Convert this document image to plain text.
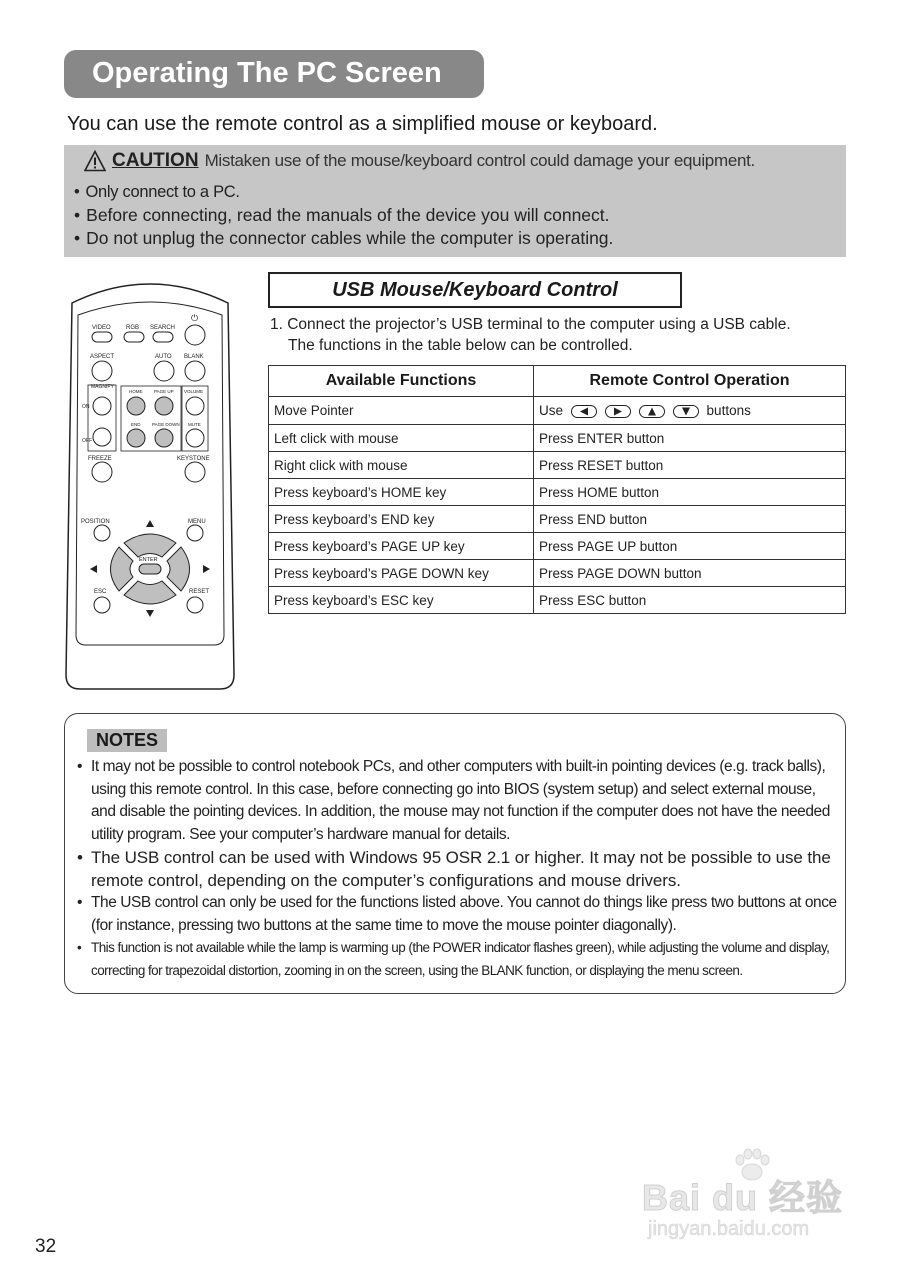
Operating The PC Screen

You can use the remote control as a simplified mouse or keyboard.

CAUTION Mistaken use of the mouse/keyboard control could damage your equipment.
• Only connect to a PC.
• Before connecting, read the manuals of the device you will connect.
• Do not unplug the connector cables while the computer is operating.
VIDEO	RGB SEARCH
⏻
ASPECT	AUTO BLANK
MAGNIFY
ON
OFF
HOME	PAGE UP
END	PAGE DOWN
VOLUME
MUTE
FREEZE	KEYSTONE
POSITION	MENU
ENTER
ESC	RESET
USB Mouse/Keyboard Control
1. Connect the projector’s USB terminal to the computer using a USB cable.
The functions in the table below can be controlled.
Available Functions	Remote Control Operation
Move Pointer	Use buttons
Left click with mouse	Press ENTER button
Right click with mouse	Press RESET button
Press keyboard’s HOME key	Press HOME button
Press keyboard’s END key	Press END button
Press keyboard’s PAGE UP key	Press PAGE UP button
Press keyboard’s PAGE DOWN key	Press PAGE DOWN button
Press keyboard’s ESC key	Press ESC button
NOTES
• It may not be possible to control notebook PCs, and other computers with built-in pointing devices (e.g. track balls), using this remote control. In this case, before connecting go into BIOS (system setup) and select external mouse, and disable the pointing devices. In addition, the mouse may not function if the computer does not have the needed utility program. See your computer’s hardware manual for details.
• The USB control can be used with Windows 95 OSR 2.1 or higher. It may not be possible to use the remote control, depending on the computer’s configurations and mouse drivers.
• The USB control can only be used for the functions listed above. You cannot do things like press two buttons at once (for instance, pressing two buttons at the same time to move the mouse pointer diagonally).
• This function is not available while the lamp is warming up (the POWER indicator flashes green), while adjusting the volume and display, correcting for trapezoidal distortion, zooming in on the screen, using the BLANK function, or displaying the menu screen.
Bai du 经验
jingyan.baidu.com
32
